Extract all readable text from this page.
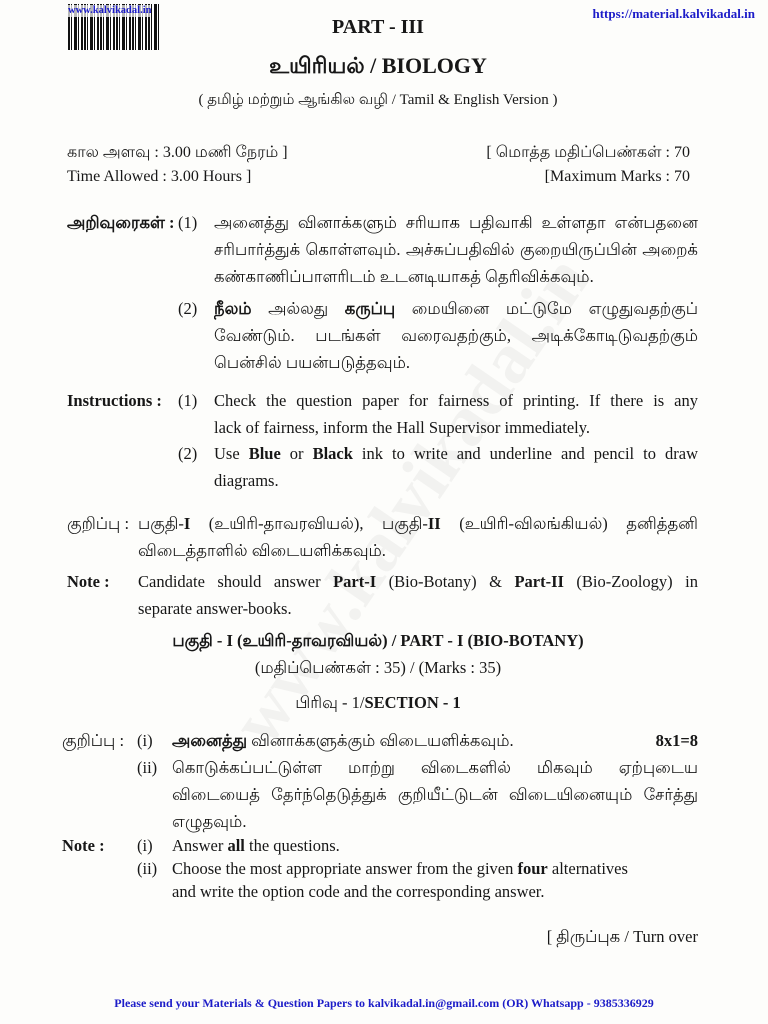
www.kalvikadal.in	https://material.kalvikadal.in
PART - III
உயிரியல் / BIOLOGY
( தமிழ் மற்றும் ஆங்கில வழி / Tamil & English Version )
கால அளவு : 3.00 மணி நேரம் ]
Time Allowed : 3.00 Hours ]
[ மொத்த மதிப்பெண்கள் : 70
[Maximum Marks : 70
அறிவுரைகள் : (1) அனைத்து வினாக்களும் சரியாக பதிவாகி உள்ளதா என்பதனை
சரிபார்த்துக் கொள்ளவும். அச்சுப்பதிவில் குறையிருப்பின் அறைக்
கண்காணிப்பாளரிடம் உடனடியாகத் தெரிவிக்கவும்.
(2) நீலம் அல்லது கருப்பு மையினை மட்டுமே எழுதுவதற்குப்
வேண்டும். படங்கள் வரைவதற்கும், அடிக்கோடிடுவதற்கும்
பென்சில் பயன்படுத்தவும்.
Instructions : (1) Check the question paper for fairness of printing. If there is any
lack of fairness, inform the Hall Supervisor immediately.
(2) Use Blue or Black ink to write and underline and pencil to draw
diagrams.
குறிப்பு : பகுதி-I (உயிரி-தாவரவியல்), பகுதி-II (உயிரி-விலங்கியல்) தனித்தனி
விடைத்தாளில் விடையளிக்கவும்.
Note : Candidate should answer Part-I (Bio-Botany) & Part-II (Bio-Zoology) in
separate answer-books.
பகுதி - I (உயிரி-தாவரவியல்) / PART - I (BIO-BOTANY)
(மதிப்பெண்கள் : 35) / (Marks : 35)
பிரிவு - 1/SECTION - 1
குறிப்பு : (i) அனைத்து வினாக்களுக்கும் விடையளிக்கவும்.	8x1=8
(ii) கொடுக்கப்பட்டுள்ள மாற்று விடைகளில் மிகவும் ஏற்புடைய
விடையைத் தேர்ந்தெடுத்துக் குறியீட்டுடன் விடையினையும் சேர்த்து
எழுதவும்.
Note : (i) Answer all the questions.
(ii) Choose the most appropriate answer from the given four alternatives
and write the option code and the corresponding answer.
[ திருப்புக / Turn over
Please send your Materials & Question Papers to kalvikadal.in@gmail.com (OR) Whatsapp - 9385336929
